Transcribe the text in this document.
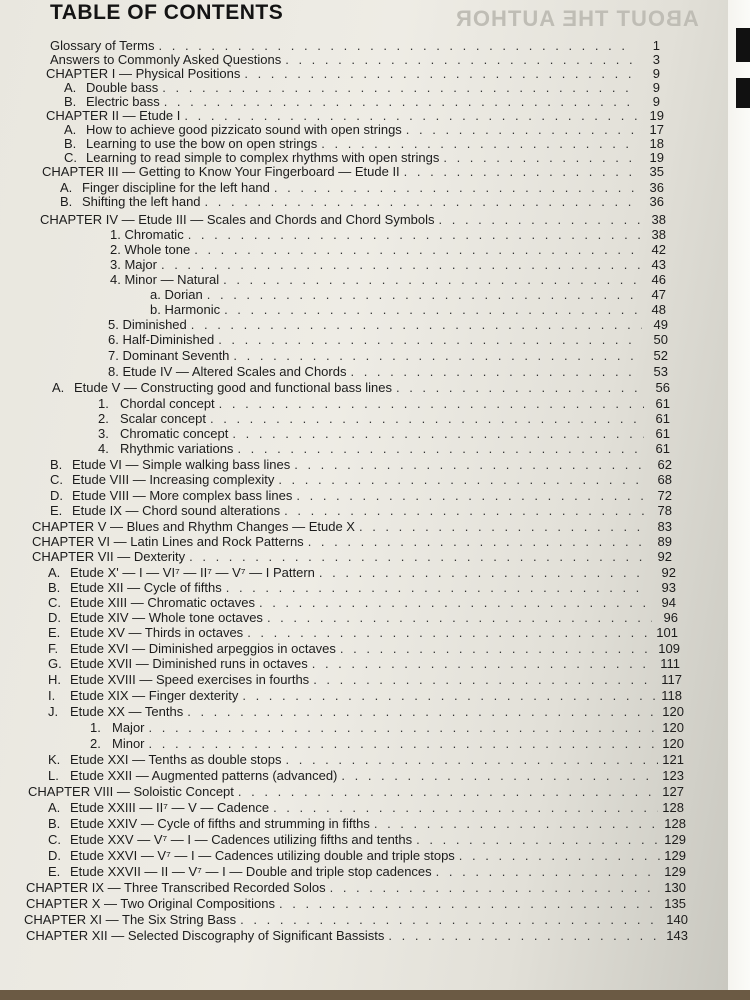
ABOUT THE AUTHOR
TABLE OF CONTENTS
Glossary of Terms . . .	1
Answers to Commonly Asked Questions . . .	3
CHAPTER I — Physical Positions . . .	9
A. Double bass . . .	9
B. Electric bass . . .	9
CHAPTER II — Etude I . . .	19
A. How to achieve good pizzicato sound with open strings . . .	17
B. Learning to use the bow on open strings . . .	18
C. Learning to read simple to complex rhythms with open strings . . .	19
CHAPTER III — Getting to Know Your Fingerboard — Etude II . . .	35
A. Finger discipline for the left hand . . .	36
B. Shifting the left hand . . .	36
CHAPTER IV — Etude III — Scales and Chords and Chord Symbols . . .	38
1. Chromatic . . .	38
2. Whole tone . . .	42
3. Major . . .	43
4. Minor — Natural . . .	46
a. Dorian . . .	47
b. Harmonic . . .	48
5. Diminished . . .	49
6. Half-Diminished . . .	50
7. Dominant Seventh . . .	52
8. Etude IV — Altered Scales and Chords . . .	53
A. Etude V — Constructing good and functional bass lines . . .	56
1. Chordal concept . . .	61
2. Scalar concept . . .	61
3. Chromatic concept . . .	61
4. Rhythmic variations . . .	61
B. Etude VI — Simple walking bass lines . . .	62
C. Etude VIII — Increasing complexity . . .	68
D. Etude VIII — More complex bass lines . . .	72
E. Etude IX — Chord sound alterations . . .	78
CHAPTER V — Blues and Rhythm Changes — Etude X . . .	83
CHAPTER VI — Latin Lines and Rock Patterns . . .	89
CHAPTER VII — Dexterity . . .	92
A. Etude X' — I — VI⁷ — II⁷ — V⁷ — I Pattern . . .	92
B. Etude XII — Cycle of fifths . . .	93
C. Etude XIII — Chromatic octaves . . .	94
D. Etude XIV — Whole tone octaves . . .	96
E. Etude XV — Thirds in octaves . . .	101
F. Etude XVI — Diminished arpeggios in octaves . . .	109
G. Etude XVII — Diminished runs in octaves . . .	111
H. Etude XVIII — Speed exercises in fourths . . .	117
I.	Etude XIX — Finger dexterity . . .	118
J. Etude XX — Tenths . . .	120
1. Major . . .	120
2. Minor . . .	120
K. Etude XXI — Tenths as double stops . . .	121
L. Etude XXII — Augmented patterns (advanced) . . .	123
CHAPTER VIII — Soloistic Concept . . .	127
A. Etude XXIII — II⁷ — V — Cadence . . .	128
B. Etude XXIV — Cycle of fifths and strumming in fifths . . .	128
C. Etude XXV — V⁷ — I — Cadences utilizing fifths and tenths . . .	129
D. Etude XXVI — V⁷ — I — Cadences utilizing double and triple stops . . .	129
E. Etude XXVII — II — V⁷ — I — Double and triple stop cadences . . .	129
CHAPTER IX — Three Transcribed Recorded Solos . . .	130
CHAPTER X — Two Original Compositions . . .	135
CHAPTER XI — The Six String Bass . . .	140
CHAPTER XII — Selected Discography of Significant Bassists . . .	143
